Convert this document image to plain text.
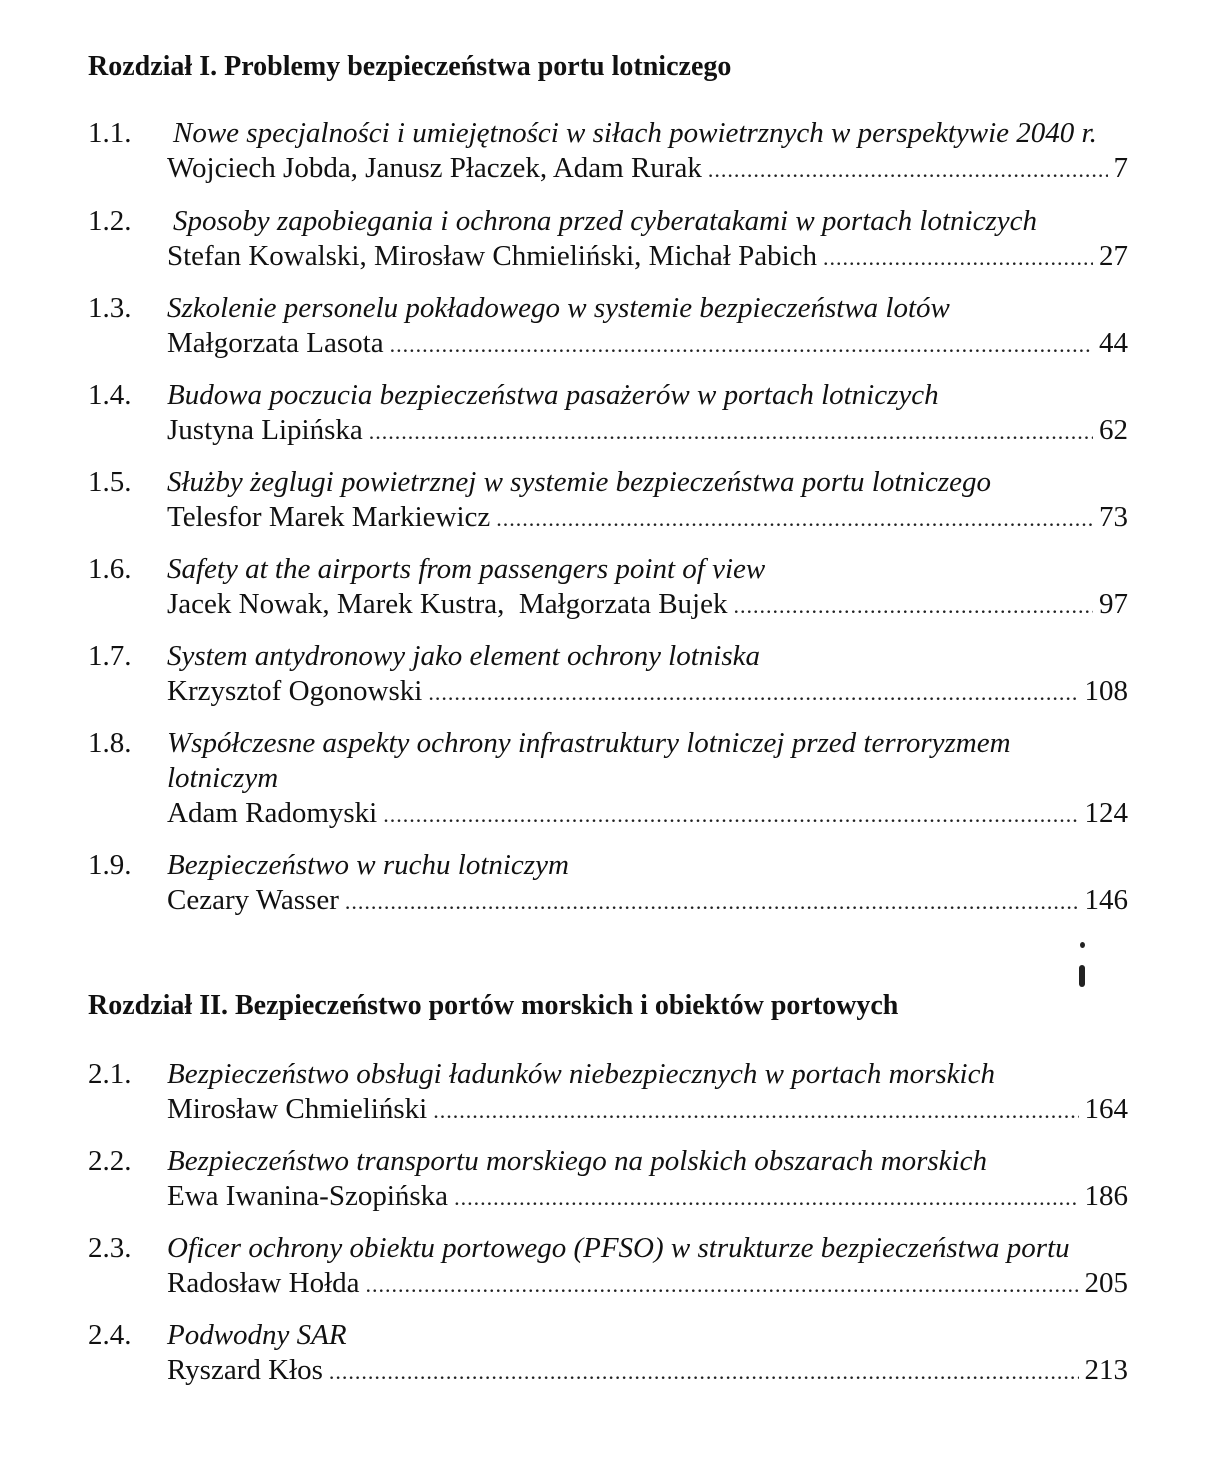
Rozdział I. Problemy bezpieczeństwa portu lotniczego
1.1. Nowe specjalności i umiejętności w siłach powietrznych w perspektywie 2040 r.
Wojciech Jobda, Janusz Płaczek, Adam Rurak .....	7
1.2. Sposoby zapobiegania i ochrona przed cyberatakami w portach lotniczych
Stefan Kowalski, Mirosław Chmieliński, Michał Pabich .....	27
1.3. Szkolenie personelu pokładowego w systemie bezpieczeństwa lotów
Małgorzata Lasota .....	44
1.4. Budowa poczucia bezpieczeństwa pasażerów w portach lotniczych
Justyna Lipińska .....	62
1.5. Służby żeglugi powietrznej w systemie bezpieczeństwa portu lotniczego
Telesfor Marek Markiewicz .....	73
1.6. Safety at the airports from passengers point of view
Jacek Nowak, Marek Kustra,  Małgorzata Bujek .....	97
1.7. System antydronowy jako element ochrony lotniska
Krzysztof Ogonowski .....	108
1.8. Współczesne aspekty ochrony infrastruktury lotniczej przed terroryzmem lotniczym
Adam Radomyski .....	124
1.9. Bezpieczeństwo w ruchu lotniczym
Cezary Wasser .....	146
Rozdział II. Bezpieczeństwo portów morskich i obiektów portowych
2.1. Bezpieczeństwo obsługi ładunków niebezpiecznych w portach morskich
Mirosław Chmieliński .....	164
2.2. Bezpieczeństwo transportu morskiego na polskich obszarach morskich
Ewa Iwanina-Szopińska .....	186
2.3. Oficer ochrony obiektu portowego (PFSO) w strukturze bezpieczeństwa portu
Radosław Hołda .....	205
2.4. Podwodny SAR
Ryszard Kłos .....	213
